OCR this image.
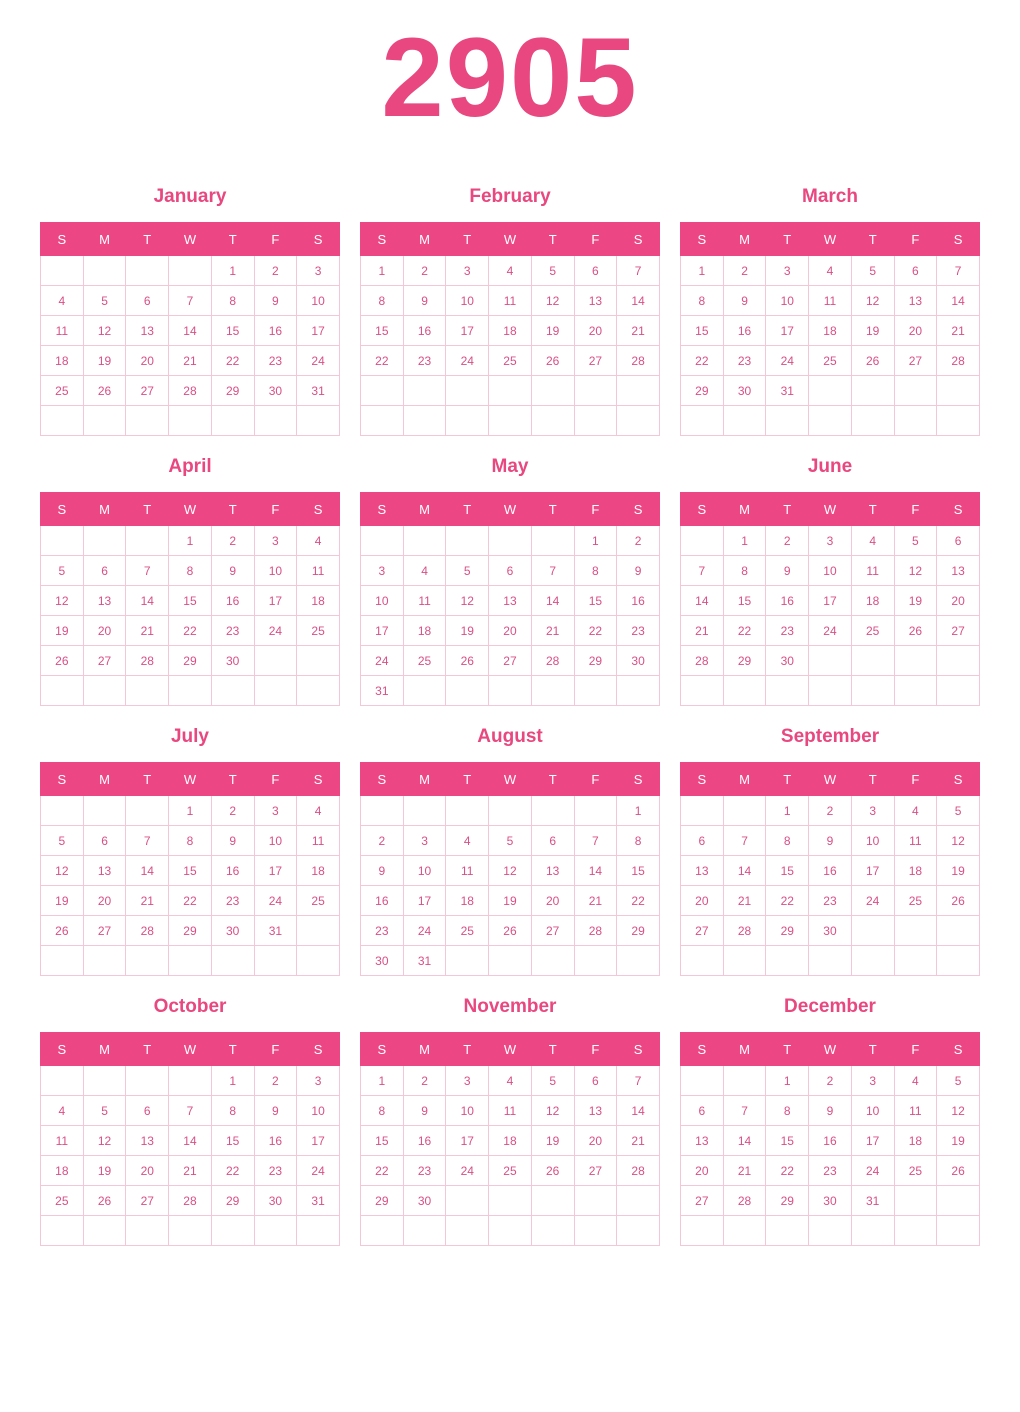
2905
January
S	M	T	W	T	F	S
				1	2	3
4	5	6	7	8	9	10
11	12	13	14	15	16	17
18	19	20	21	22	23	24
25	26	27	28	29	30	31

February
S	M	T	W	T	F	S
1	2	3	4	5	6	7
8	9	10	11	12	13	14
15	16	17	18	19	20	21
22	23	24	25	26	27	28

March
S	M	T	W	T	F	S
1	2	3	4	5	6	7
8	9	10	11	12	13	14
15	16	17	18	19	20	21
22	23	24	25	26	27	28
29	30	31				

April
S	M	T	W	T	F	S
			1	2	3	4
5	6	7	8	9	10	11
12	13	14	15	16	17	18
19	20	21	22	23	24	25
26	27	28	29	30		

May
S	M	T	W	T	F	S
					1	2
3	4	5	6	7	8	9
10	11	12	13	14	15	16
17	18	19	20	21	22	23
24	25	26	27	28	29	30
31						
June
S	M	T	W	T	F	S
	1	2	3	4	5	6
7	8	9	10	11	12	13
14	15	16	17	18	19	20
21	22	23	24	25	26	27
28	29	30				

July
S	M	T	W	T	F	S
			1	2	3	4
5	6	7	8	9	10	11
12	13	14	15	16	17	18
19	20	21	22	23	24	25
26	27	28	29	30	31	

August
S	M	T	W	T	F	S
						1
2	3	4	5	6	7	8
9	10	11	12	13	14	15
16	17	18	19	20	21	22
23	24	25	26	27	28	29
30	31					
September
S	M	T	W	T	F	S
		1	2	3	4	5
6	7	8	9	10	11	12
13	14	15	16	17	18	19
20	21	22	23	24	25	26
27	28	29	30			

October
S	M	T	W	T	F	S
				1	2	3
4	5	6	7	8	9	10
11	12	13	14	15	16	17
18	19	20	21	22	23	24
25	26	27	28	29	30	31

November
S	M	T	W	T	F	S
1	2	3	4	5	6	7
8	9	10	11	12	13	14
15	16	17	18	19	20	21
22	23	24	25	26	27	28
29	30					

December
S	M	T	W	T	F	S
		1	2	3	4	5
6	7	8	9	10	11	12
13	14	15	16	17	18	19
20	21	22	23	24	25	26
27	28	29	30	31		
